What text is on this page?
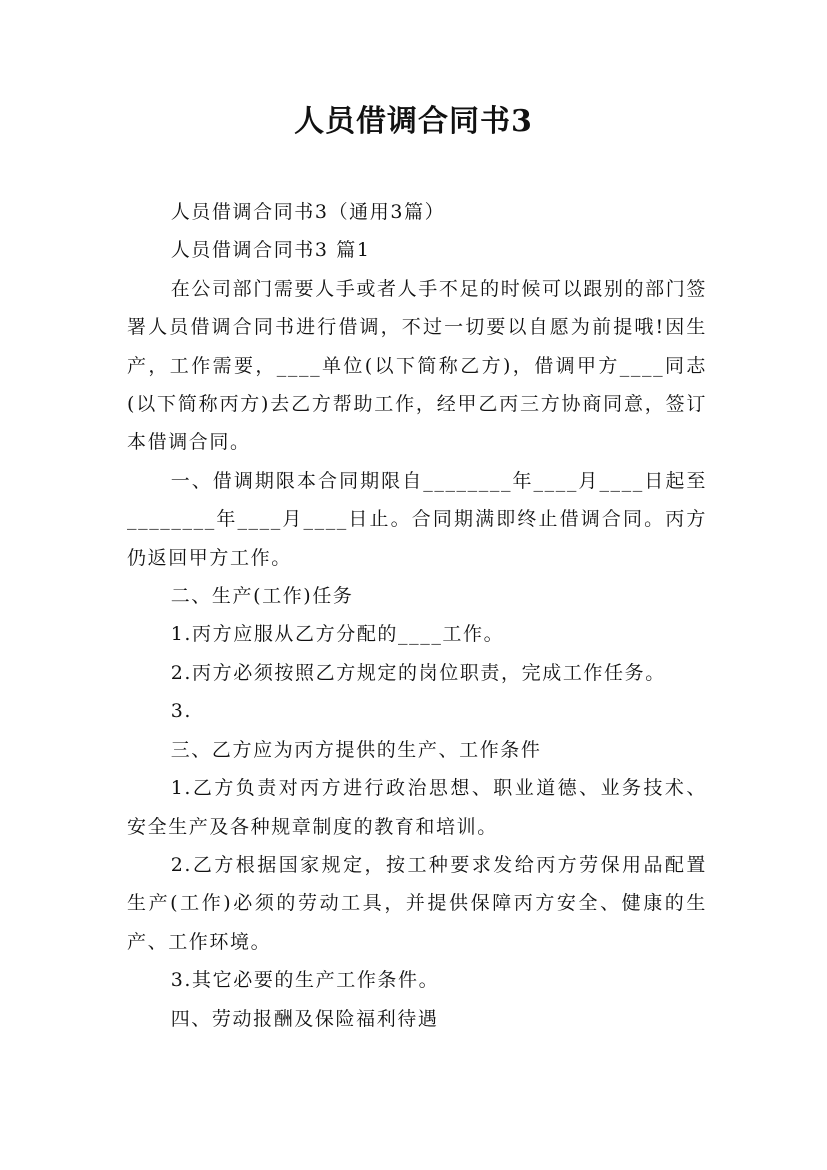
人员借调合同书3

人员借调合同书3（通用3篇）

人员借调合同书3 篇1

在公司部门需要人手或者人手不足的时候可以跟别的部门签署人员借调合同书进行借调，不过一切要以自愿为前提哦!因生产，工作需要，____单位(以下简称乙方)，借调甲方____同志(以下简称丙方)去乙方帮助工作，经甲乙丙三方协商同意，签订本借调合同。

一、借调期限本合同期限自________年____月____日起至________年____月____日止。合同期满即终止借调合同。丙方仍返回甲方工作。

二、生产(工作)任务

1.丙方应服从乙方分配的____工作。

2.丙方必须按照乙方规定的岗位职责，完成工作任务。

3.

三、乙方应为丙方提供的生产、工作条件

1.乙方负责对丙方进行政治思想、职业道德、业务技术、安全生产及各种规章制度的教育和培训。

2.乙方根据国家规定，按工种要求发给丙方劳保用品配置生产(工作)必须的劳动工具，并提供保障丙方安全、健康的生产、工作环境。

3.其它必要的生产工作条件。

四、劳动报酬及保险福利待遇
